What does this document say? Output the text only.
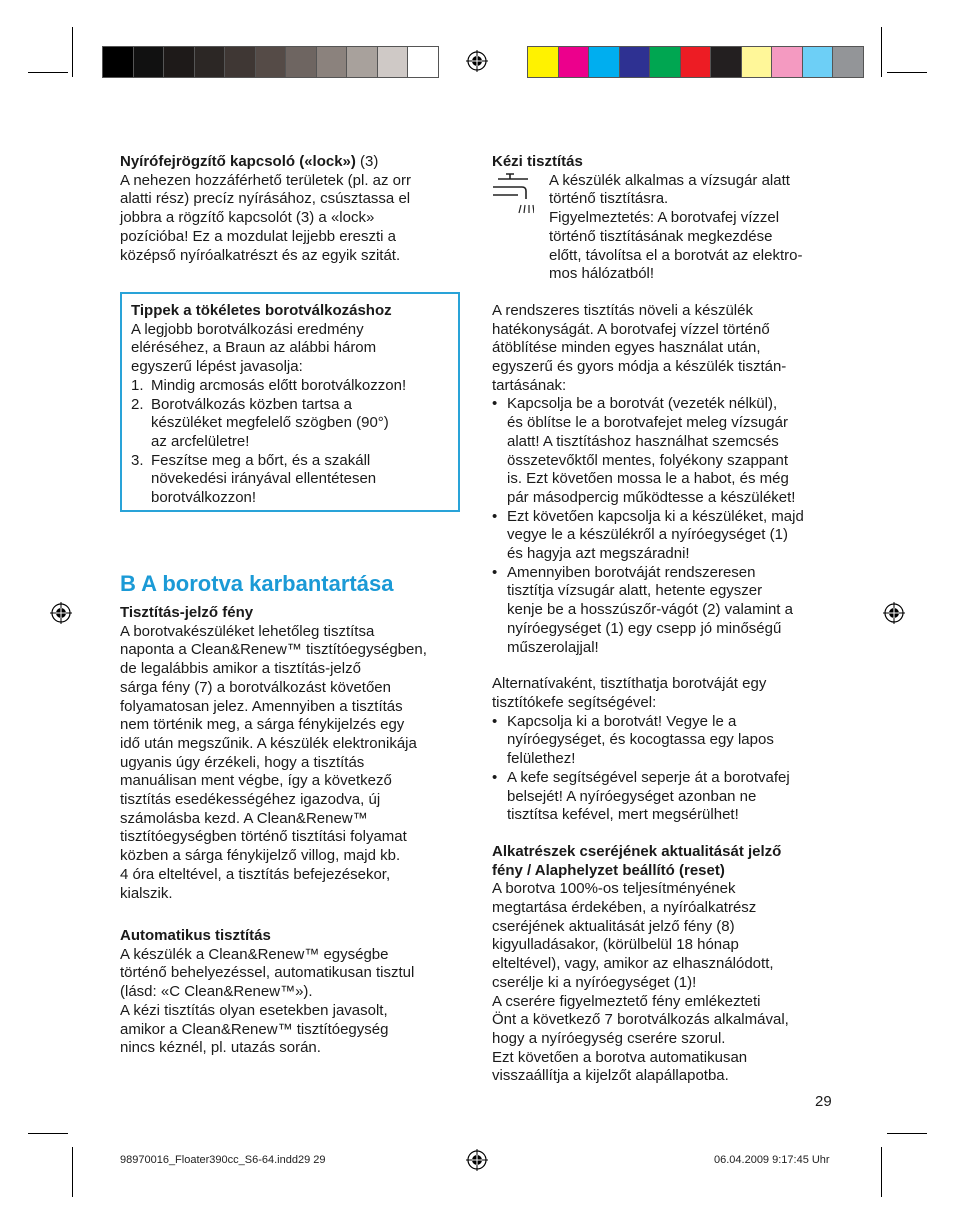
Nyírófejrögzítő kapcsoló («lock») (3)
A nehezen hozzáférhető területek (pl. az orr
alatti rész) precíz nyírásához, csúsztassa el
jobbra a rögzítő kapcsolót (3) a «lock»
pozícióba! Ez a mozdulat lejjebb ereszti a
középső nyíróalkatrészt és az egyik szitát.
Tippek a tökéletes borotválkozáshoz
A legjobb borotválkozási eredmény
eléréséhez, a Braun az alábbi három
egyszerű lépést javasolja:
1. Mindig arcmosás előtt borotválkozzon!
2. Borotválkozás közben tartsa a
készüléket megfelelő szögben (90°)
az arcfelületre!
3. Feszítse meg a bőrt, és a szakáll
növekedési irányával ellentétesen
borotválkozzon!
B A borotva karbantartása
Tisztítás-jelző fény
A borotvakészüléket lehetőleg tisztítsa
naponta a Clean&Renew™ tisztítóegységben,
de legalábbis amikor a tisztítás-jelző
sárga fény (7) a borotválkozást követően
folyamatosan jelez. Amennyiben a tisztítás
nem történik meg, a sárga fénykijelzés egy
idő után megszűnik. A készülék elektronikája
ugyanis úgy érzékeli, hogy a tisztítás
manuálisan ment végbe, így a következő
tisztítás esedékességéhez igazodva, új
számolásba kezd. A Clean&Renew™
tisztítóegységben történő tisztítási folyamat
közben a sárga fénykijelző villog, majd kb.
4 óra elteltével, a tisztítás befejezésekor,
kialszik.
Automatikus tisztítás
A készülék a Clean&Renew™ egységbe
történő behelyezéssel, automatikusan tisztul
(lásd: «C Clean&Renew™»).
A kézi tisztítás olyan esetekben javasolt,
amikor a Clean&Renew™ tisztítóegység
nincs kéznél, pl. utazás során.
Kézi tisztítás
A készülék alkalmas a vízsugár alatt
történő tisztításra.
Figyelmeztetés: A borotvafej vízzel
történő tisztításának megkezdése
előtt, távolítsa el a borotvát az elektro-
mos hálózatból!
A rendszeres tisztítás növeli a készülék
hatékonyságát. A borotvafej vízzel történő
átöblítése minden egyes használat után,
egyszerű és gyors módja a készülék tisztán-
tartásának:
• Kapcsolja be a borotvát (vezeték nélkül),
és öblítse le a borotvafejet meleg vízsugár
alatt! A tisztításhoz használhat szemcsés
összetevőktől mentes, folyékony szappant
is. Ezt követően mossa le a habot, és még
pár másodpercig működtesse a készüléket!
• Ezt követően kapcsolja ki a készüléket, majd
vegye le a készülékről a nyíróegységet (1)
és hagyja azt megszáradni!
• Amennyiben borotváját rendszeresen
tisztítja vízsugár alatt, hetente egyszer
kenje be a hosszúszőr-vágót (2) valamint a
nyíróegységet (1) egy csepp jó minőségű
műszerolajjal!
Alternatívaként, tisztíthatja borotváját egy
tisztítókefe segítségével:
• Kapcsolja ki a borotvát! Vegye le a
nyíróegységet, és kocogtassa egy lapos
felülethez!
• A kefe segítségével seperje át a borotvafej
belsejét! A nyíróegységet azonban ne
tisztítsa kefével, mert megsérülhet!
Alkatrészek cseréjének aktualitását jelző
fény / Alaphelyzet beállító (reset)
A borotva 100%-os teljesítményének
megtartása érdekében, a nyíróalkatrész
cseréjének aktualitását jelző fény (8)
kigyulladásakor, (körülbelül 18 hónap
elteltével), vagy, amikor az elhasználódott,
cserélje ki a nyíróegységet (1)!
A cserére figyelmeztető fény emlékezteti
Önt a következő 7 borotválkozás alkalmával,
hogy a nyíróegység cserére szorul.
Ezt követően a borotva automatikusan
visszaállítja a kijelzőt alapállapotba.
29
98970016_Floater390cc_S6-64.indd29 29	06.04.2009 9:17:45 Uhr
